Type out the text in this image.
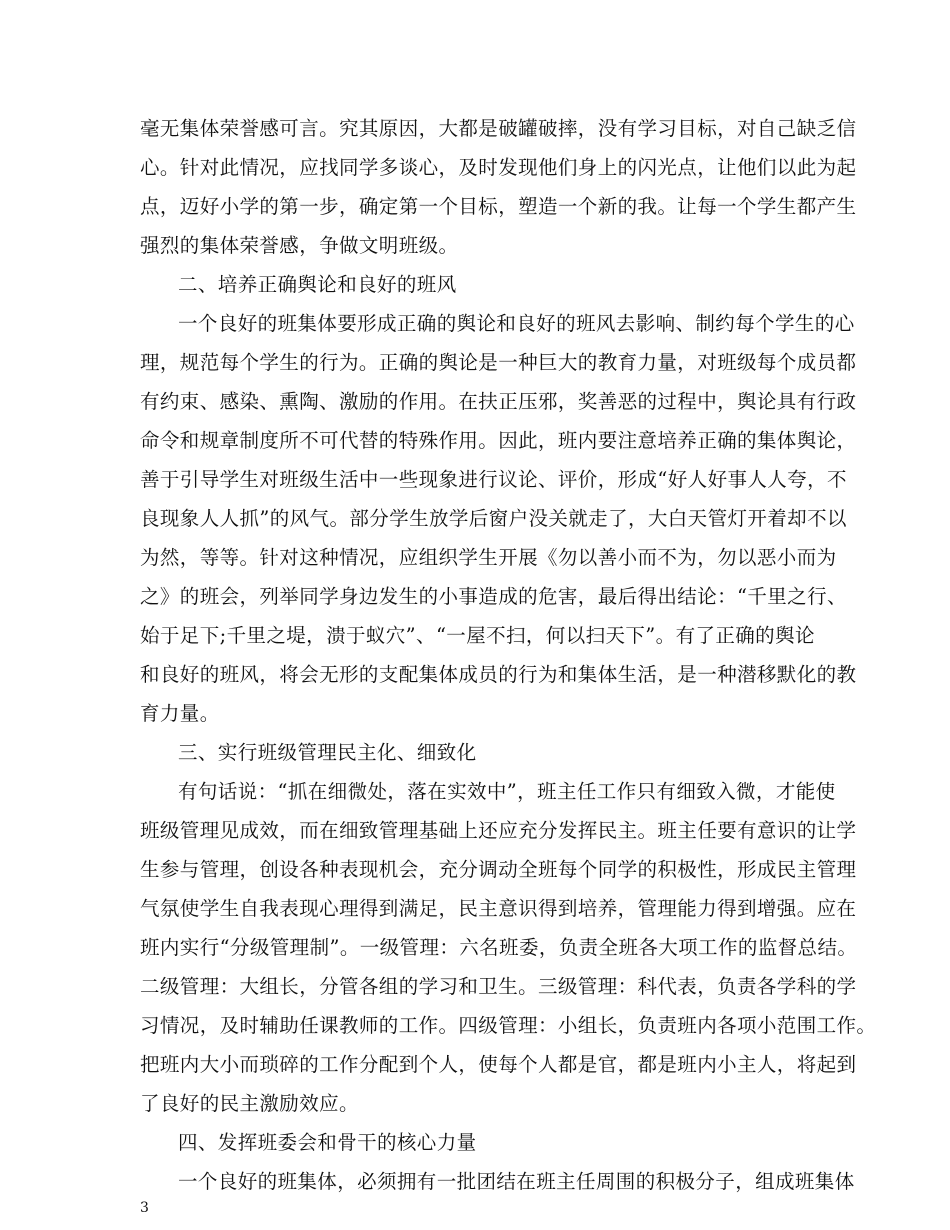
毫无集体荣誉感可言。究其原因，大都是破罐破摔，没有学习目标，对自己缺乏信
心。针对此情况，应找同学多谈心，及时发现他们身上的闪光点，让他们以此为起
点，迈好小学的第一步，确定第一个目标，塑造一个新的我。让每一个学生都产生
强烈的集体荣誉感，争做文明班级。
二、培养正确舆论和良好的班风
一个良好的班集体要形成正确的舆论和良好的班风去影响、制约每个学生的心
理，规范每个学生的行为。正确的舆论是一种巨大的教育力量，对班级每个成员都
有约束、感染、熏陶、激励的作用。在扶正压邪，奖善恶的过程中，舆论具有行政
命令和规章制度所不可代替的特殊作用。因此，班内要注意培养正确的集体舆论，
善于引导学生对班级生活中一些现象进行议论、评价，形成“好人好事人人夸，不
良现象人人抓”的风气。部分学生放学后窗户没关就走了，大白天管灯开着却不以
为然，等等。针对这种情况，应组织学生开展《勿以善小而不为，勿以恶小而为
之》的班会，列举同学身边发生的小事造成的危害，最后得出结论：“千里之行、
始于足下;千里之堤，溃于蚁穴”、“一屋不扫，何以扫天下”。有了正确的舆论
和良好的班风，将会无形的支配集体成员的行为和集体生活，是一种潜移默化的教
育力量。
三、实行班级管理民主化、细致化
有句话说：“抓在细微处，落在实效中”，班主任工作只有细致入微，才能使
班级管理见成效，而在细致管理基础上还应充分发挥民主。班主任要有意识的让学
生参与管理，创设各种表现机会，充分调动全班每个同学的积极性，形成民主管理
气氛使学生自我表现心理得到满足，民主意识得到培养，管理能力得到增强。应在
班内实行“分级管理制”。一级管理：六名班委，负责全班各大项工作的监督总结。
二级管理：大组长，分管各组的学习和卫生。三级管理：科代表，负责各学科的学
习情况，及时辅助任课教师的工作。四级管理：小组长，负责班内各项小范围工作。
把班内大小而琐碎的工作分配到个人，使每个人都是官，都是班内小主人，将起到
了良好的民主激励效应。
四、发挥班委会和骨干的核心力量
一个良好的班集体，必须拥有一批团结在班主任周围的积极分子，组成班集体
3
